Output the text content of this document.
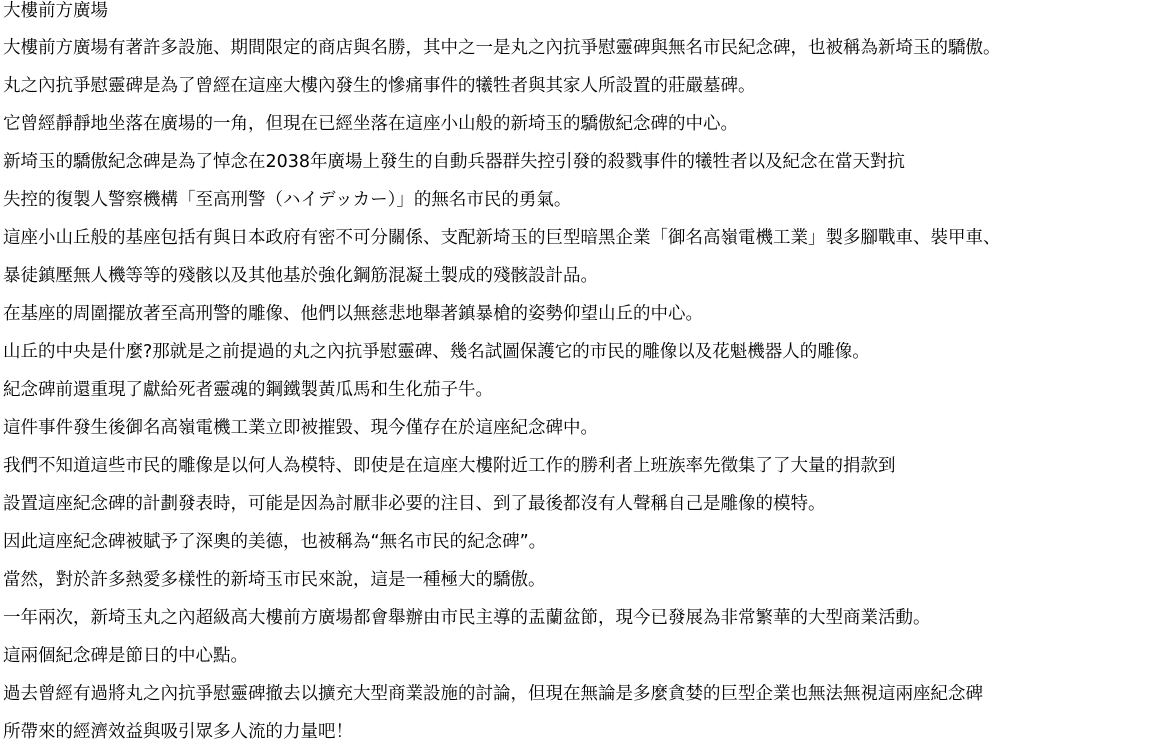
大樓前方廣場
大樓前方廣場有著許多設施、期間限定的商店與名勝，其中之一是丸之內抗爭慰靈碑與無名市民紀念碑，也被稱為新埼玉的驕傲。
丸之內抗爭慰靈碑是為了曾經在這座大樓內發生的慘痛事件的犧牲者與其家人所設置的莊嚴墓碑。
它曾經靜靜地坐落在廣場的一角，但現在已經坐落在這座小山般的新埼玉的驕傲紀念碑的中心。
新埼玉的驕傲紀念碑是為了悼念在2038年廣場上發生的自動兵器群失控引發的殺戮事件的犧牲者以及紀念在當天對抗
失控的復製人警察機構「至高刑警（ハイデッカー）」的無名市民的勇氣。
這座小山丘般的基座包括有與日本政府有密不可分關係、支配新埼玉的巨型暗黑企業「御名高嶺電機工業」製多腳戰車、裝甲車、
暴徒鎮壓無人機等等的殘骸以及其他基於強化鋼筋混凝土製成的殘骸設計品。
在基座的周圍擺放著至高刑警的雕像、他們以無慈悲地舉著鎮暴槍的姿勢仰望山丘的中心。
山丘的中央是什麼?那就是之前提過的丸之內抗爭慰靈碑、幾名試圖保護它的市民的雕像以及花魁機器人的雕像。
紀念碑前還重現了獻給死者靈魂的鋼鐵製黃瓜馬和生化茄子牛。
這件事件發生後御名高嶺電機工業立即被摧毀、現今僅存在於這座紀念碑中。
我們不知道這些市民的雕像是以何人為模特、即使是在這座大樓附近工作的勝利者上班族率先徵集了了大量的捐款到
設置這座紀念碑的計劃發表時，可能是因為討厭非必要的注目、到了最後都沒有人聲稱自己是雕像的模特。
因此這座紀念碑被賦予了深奧的美德，也被稱為“無名市民的紀念碑”。
當然，對於許多熱愛多樣性的新埼玉市民來說，這是一種極大的驕傲。
一年兩次，新埼玉丸之內超級高大樓前方廣場都會舉辦由市民主導的盂蘭盆節，現今已發展為非常繁華的大型商業活動。
這兩個紀念碑是節日的中心點。
過去曾經有過將丸之內抗爭慰靈碑撤去以擴充大型商業設施的討論，但現在無論是多麼貪婪的巨型企業也無法無視這兩座紀念碑
所帶來的經濟效益與吸引眾多人流的力量吧！
